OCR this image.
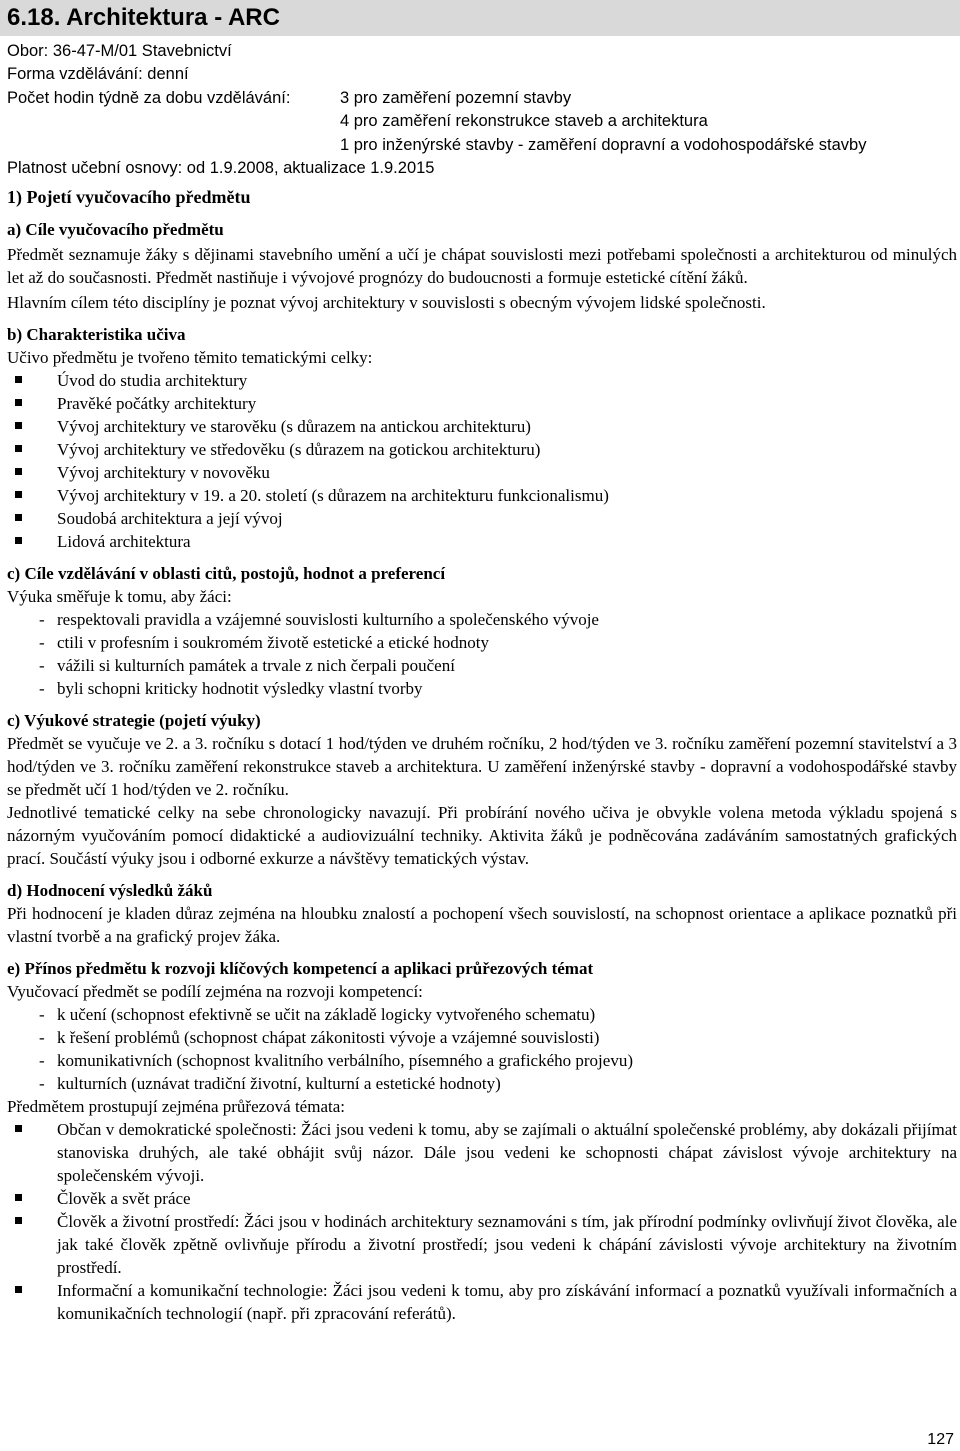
6.18. Architektura - ARC
Obor: 36-47-M/01 Stavebnictví
Forma vzdělávání: denní
Počet hodin týdně za dobu vzdělávání:	3 pro zaměření pozemní stavby
4 pro zaměření rekonstrukce staveb a architektura
1 pro inženýrské stavby - zaměření dopravní a vodohospodářské stavby
Platnost učební osnovy: od 1.9.2008, aktualizace 1.9.2015
1) Pojetí vyučovacího předmětu
a) Cíle vyučovacího předmětu

Předmět seznamuje žáky s dějinami stavebního umění a učí je chápat souvislosti mezi potřebami společnosti a architekturou od minulých let až do současnosti. Předmět nastiňuje i vývojové prognózy do budoucnosti a formuje estetické cítění žáků.

Hlavním cílem této disciplíny je poznat vývoj architektury v souvislosti s obecným vývojem lidské společnosti.

b) Charakteristika učiva

Učivo předmětu je tvořeno těmito tematickými celky:

Úvod do studia architektury
Pravěké počátky architektury
Vývoj architektury ve starověku (s důrazem na antickou architekturu)
Vývoj architektury ve středověku (s důrazem na gotickou architekturu)
Vývoj architektury v novověku
Vývoj architektury v 19. a 20. století (s důrazem na architekturu funkcionalismu)
Soudobá architektura a její vývoj
Lidová architektura
c) Cíle vzdělávání v oblasti citů, postojů, hodnot a preferencí

Výuka směřuje k tomu, aby žáci:

- respektovali pravidla a vzájemné souvislosti kulturního a společenského vývoje
- ctili v profesním i soukromém životě estetické a etické hodnoty
- vážili si kulturních památek a trvale z nich čerpali poučení
- byli schopni kriticky hodnotit výsledky vlastní tvorby
c) Výukové strategie (pojetí výuky)

Předmět se vyučuje ve 2. a 3. ročníku s dotací 1 hod/týden ve druhém ročníku, 2 hod/týden ve 3. ročníku zaměření pozemní stavitelství a 3 hod/týden ve 3. ročníku zaměření rekonstrukce staveb a architektura. U zaměření inženýrské stavby - dopravní a vodohospodářské stavby se předmět učí 1 hod/týden ve 2. ročníku.

Jednotlivé tematické celky na sebe chronologicky navazují. Při probírání nového učiva je obvykle volena metoda výkladu spojená s názorným vyučováním pomocí didaktické a audiovizuální techniky. Aktivita žáků je podněcována zadáváním samostatných grafických prací. Součástí výuky jsou i odborné exkurze a návštěvy tematických výstav.

d) Hodnocení výsledků žáků

Při hodnocení je kladen důraz zejména na hloubku znalostí a pochopení všech souvislostí, na schopnost orientace a aplikace poznatků při vlastní tvorbě a na grafický projev žáka.

e) Přínos předmětu k rozvoji klíčových kompetencí a aplikaci průřezových témat

Vyučovací předmět se podílí zejména na rozvoji kompetencí:

- k učení (schopnost efektivně se učit na základě logicky vytvořeného schematu)
- k řešení problémů (schopnost chápat zákonitosti vývoje a vzájemné souvislosti)
- komunikativních (schopnost kvalitního verbálního, písemného a grafického projevu)
- kulturních (uznávat tradiční životní, kulturní a estetické hodnoty)

Předmětem prostupují zejména průřezová témata:

Občan v demokratické společnosti: Žáci jsou vedeni k tomu, aby se zajímali o aktuální společenské problémy, aby dokázali přijímat stanoviska druhých, ale také obhájit svůj názor. Dále jsou vedeni ke schopnosti chápat závislost vývoje architektury na společenském vývoji.
Člověk a svět práce
Člověk a životní prostředí: Žáci jsou v hodinách architektury seznamováni s tím, jak přírodní podmínky ovlivňují život člověka, ale jak také člověk zpětně ovlivňuje přírodu a životní prostředí; jsou vedeni k chápání závislosti vývoje architektury na životním prostředí.
Informační a komunikační technologie: Žáci jsou vedeni k tomu, aby pro získávání informací a poznatků využívali informačních a komunikačních technologií (např. při zpracování referátů).
127
